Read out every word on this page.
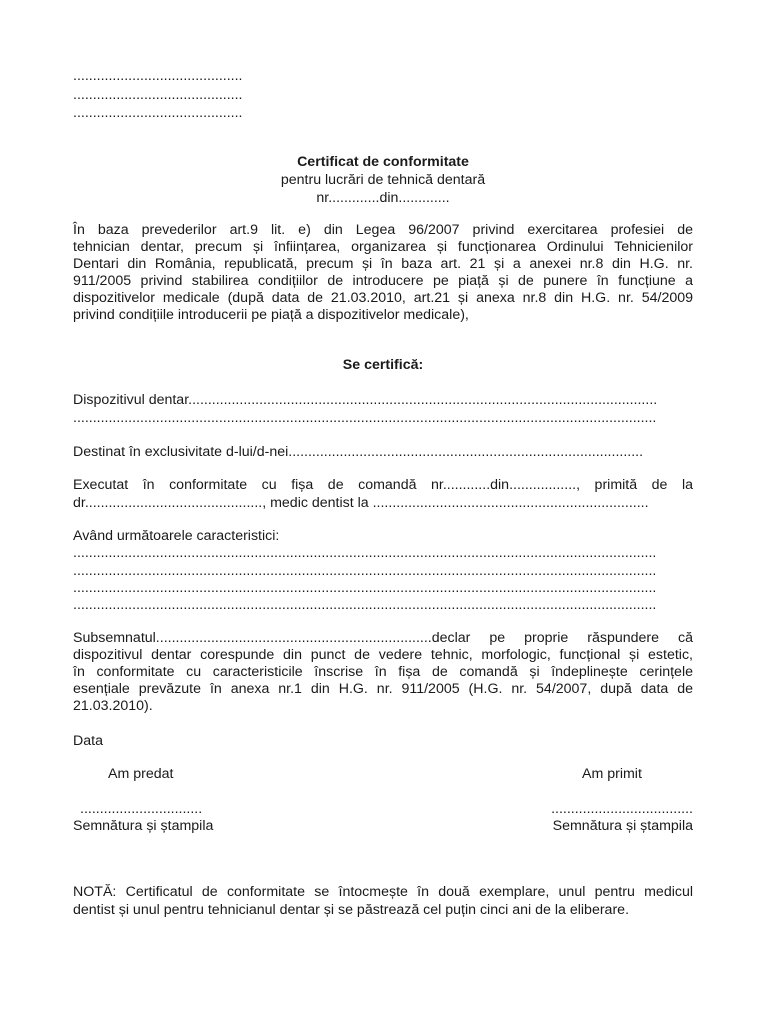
...........................................
...........................................
...........................................
Certificat de conformitate
pentru lucrări de tehnică dentară
nr.............din.............
În baza prevederilor art.9 lit. e) din Legea 96/2007 privind exercitarea profesiei de
tehnician dentar, precum și înființarea, organizarea și funcționarea Ordinului Tehnicienilor
Dentari din România, republicată, precum și în baza art. 21 și a anexei nr.8 din H.G. nr.
911/2005 privind stabilirea condițiilor de introducere pe piață și de punere în funcțiune a
dispozitivelor medicale (după data de 21.03.2010, art.21 și anexa nr.8 din H.G. nr. 54/2009
privind condițiile introducerii pe piață a dispozitivelor medicale),
Se certifică:
Dispozitivul dentar.......................................................................................................................
....................................................................................................................................................
Destinat în exclusivitate d-lui/d-nei..........................................................................................
Executat în conformitate cu fișa de comandă nr............din................., primită de la
dr............................................., medic dentist la ......................................................................
Având următoarele caracteristici:
....................................................................................................................................................
....................................................................................................................................................
....................................................................................................................................................
....................................................................................................................................................
Subsemnatul......................................................................declar pe proprie răspundere că
dispozitivul dentar corespunde din punct de vedere tehnic, morfologic, funcțional și estetic,
în conformitate cu caracteristicile înscrise în fișa de comandă și îndeplinește cerințele
esențiale prevăzute în anexa nr.1 din H.G. nr. 911/2005 (H.G. nr. 54/2007, după data de
21.03.2010).
Data
Am predat	Am primit
...............................	....................................
Semnătura și ștampila	Semnătura și ștampila
NOTĂ: Certificatul de conformitate se întocmește în două exemplare, unul pentru medicul
dentist și unul pentru tehnicianul dentar și se păstrează cel puțin cinci ani de la eliberare.
